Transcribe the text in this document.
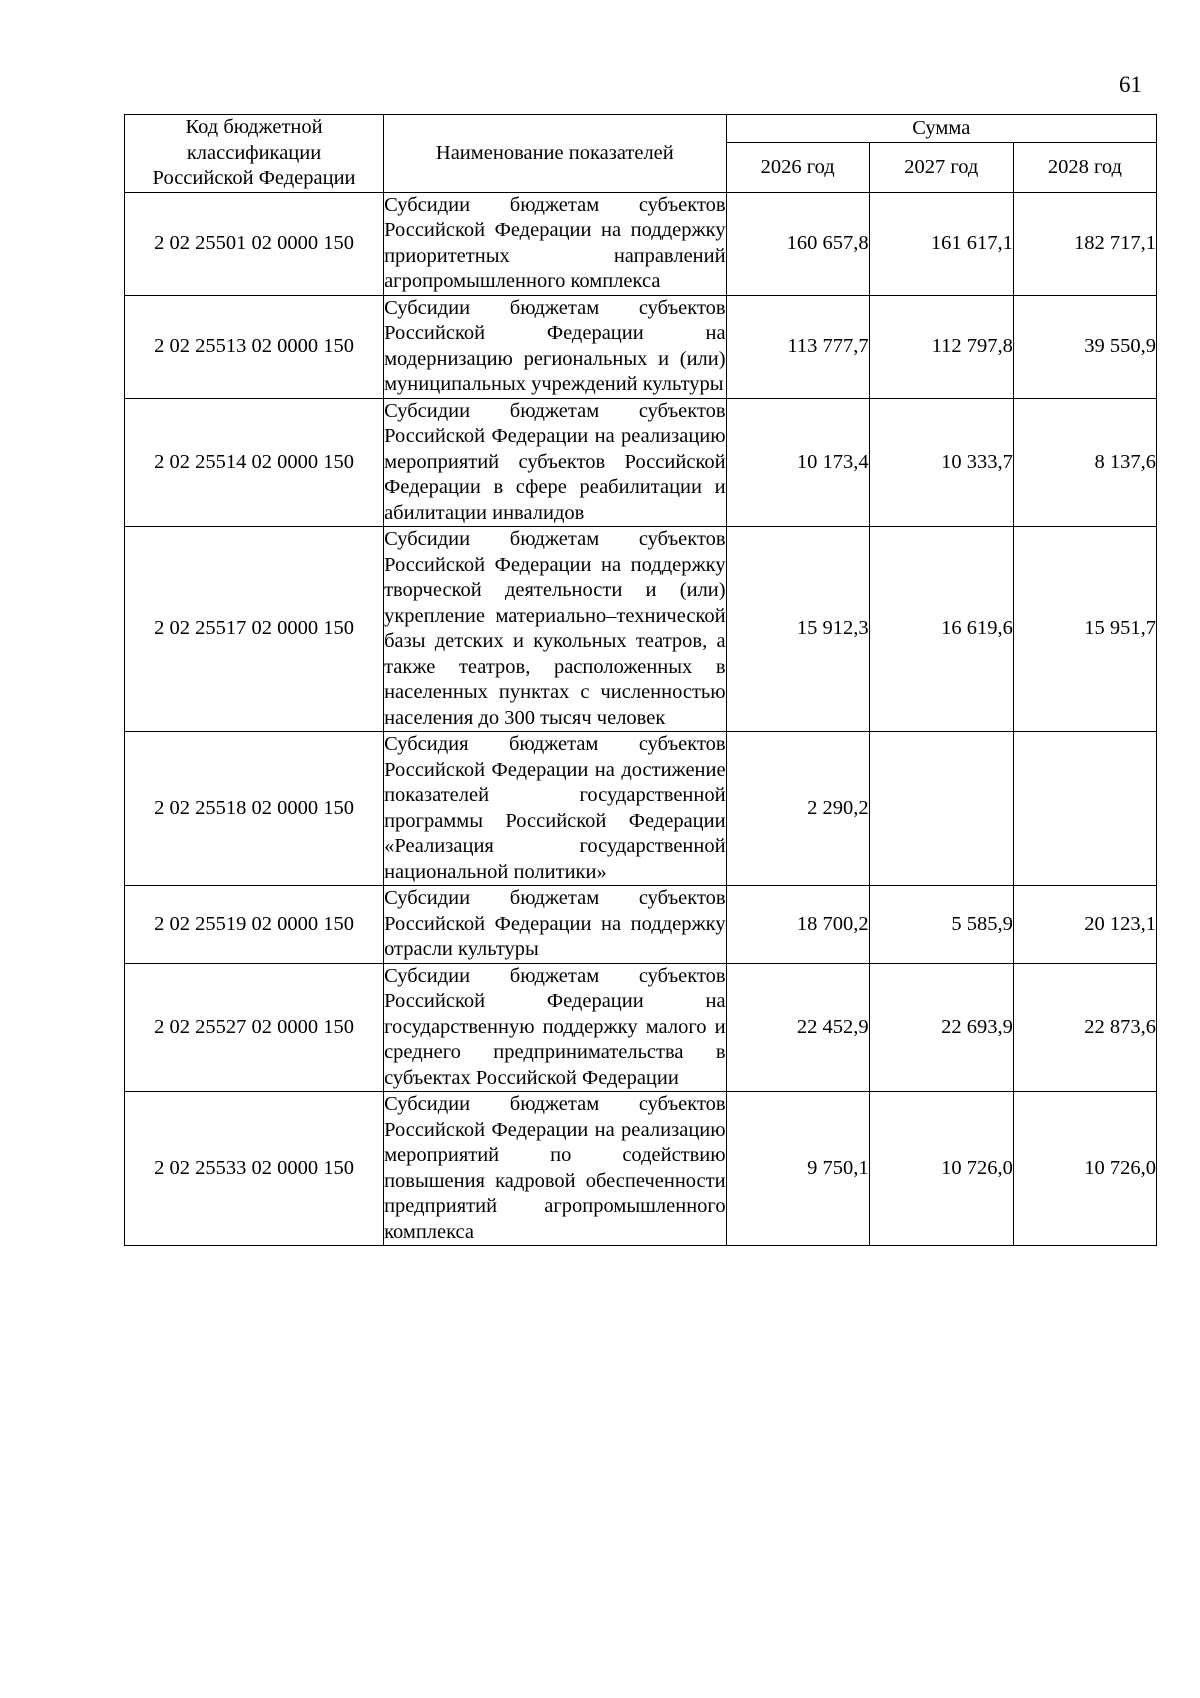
61
Код бюджетной классификации Российской Федерации	Наименование показателей	Сумма		
		2026 год	2027 год	2028 год
2 02 25501 02 0000 150	Субсидии бюджетам субъектов Российской Федерации на поддержку приоритетных направлений агропромышленного комплекса	160 657,8	161 617,1	182 717,1
2 02 25513 02 0000 150	Субсидии бюджетам субъектов Российской Федерации на модернизацию региональных и (или) муниципальных учреждений культуры	113 777,7	112 797,8	39 550,9
2 02 25514 02 0000 150	Субсидии бюджетам субъектов Российской Федерации на реализацию мероприятий субъектов Российской Федерации в сфере реабилитации и абилитации инвалидов	10 173,4	10 333,7	8 137,6
2 02 25517 02 0000 150	Субсидии бюджетам субъектов Российской Федерации на поддержку творческой деятельности и (или) укрепление материально–технической базы детских и кукольных театров, а также театров, расположенных в населенных пунктах с численностью населения до 300 тысяч человек	15 912,3	16 619,6	15 951,7
2 02 25518 02 0000 150	Субсидия бюджетам субъектов Российской Федерации на достижение показателей государственной программы Российской Федерации «Реализация государственной национальной политики»	2 290,2		
2 02 25519 02 0000 150	Субсидии бюджетам субъектов Российской Федерации на поддержку отрасли культуры	18 700,2	5 585,9	20 123,1
2 02 25527 02 0000 150	Субсидии бюджетам субъектов Российской Федерации на государственную поддержку малого и среднего предпринимательства в субъектах Российской Федерации	22 452,9	22 693,9	22 873,6
2 02 25533 02 0000 150	Субсидии бюджетам субъектов Российской Федерации на реализацию мероприятий по содействию повышения кадровой обеспеченности предприятий агропромышленного комплекса	9 750,1	10 726,0	10 726,0
